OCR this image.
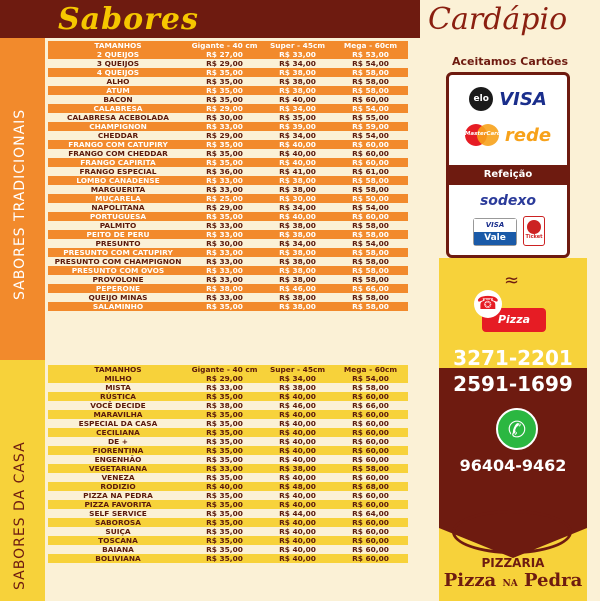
Sabores	Cardápio
SABORES TRADICIONAIS
SABORES DA CASA
TAMANHOS	Gigante - 40 cm	Super - 45cm	Mega - 60cm
2 QUEIJOS	R$ 27,00	R$ 33,00	R$ 53,00
3 QUEIJOS	R$ 29,00	R$ 34,00	R$ 54,00
4 QUEIJOS	R$ 35,00	R$ 38,00	R$ 58,00
ALHO	R$ 35,00	R$ 38,00	R$ 58,00
ATUM	R$ 35,00	R$ 38,00	R$ 58,00
BACON	R$ 35,00	R$ 40,00	R$ 60,00
CALABRESA	R$ 29,00	R$ 34,00	R$ 54,00
CALABRESA ACEBOLADA	R$ 30,00	R$ 35,00	R$ 55,00
CHAMPIGNON	R$ 33,00	R$ 39,00	R$ 59,00
CHEDDAR	R$ 29,00	R$ 34,00	R$ 54,00
FRANGO COM CATUPIRY	R$ 35,00	R$ 40,00	R$ 60,00
FRANGO COM CHEDDAR	R$ 35,00	R$ 40,00	R$ 60,00
FRANGO CAPIRITA	R$ 35,00	R$ 40,00	R$ 60,00
FRANGO ESPECIAL	R$ 36,00	R$ 41,00	R$ 61,00
LOMBO CANADENSE	R$ 33,00	R$ 38,00	R$ 58,00
MARGUERITA	R$ 33,00	R$ 38,00	R$ 58,00
MUÇARELA	R$ 25,00	R$ 30,00	R$ 50,00
NAPOLITANA	R$ 29,00	R$ 34,00	R$ 54,00
PORTUGUESA	R$ 35,00	R$ 40,00	R$ 60,00
PALMITO	R$ 33,00	R$ 38,00	R$ 58,00
PEITO DE PERU	R$ 33,00	R$ 38,00	R$ 58,00
PRESUNTO	R$ 30,00	R$ 34,00	R$ 54,00
PRESUNTO COM CATUPIRY	R$ 33,00	R$ 38,00	R$ 58,00
PRESUNTO COM CHAMPIGNON	R$ 33,00	R$ 38,00	R$ 58,00
PRESUNTO COM OVOS	R$ 33,00	R$ 38,00	R$ 58,00
PROVOLONE	R$ 33,00	R$ 38,00	R$ 58,00
PEPERONE	R$ 38,00	R$ 46,00	R$ 66,00
QUEIJO MINAS	R$ 33,00	R$ 38,00	R$ 58,00
SALAMINHO	R$ 35,00	R$ 38,00	R$ 58,00
TAMANHOS	Gigante - 40 cm	Super - 45cm	Mega - 60cm
MILHO	R$ 29,00	R$ 34,00	R$ 54,00
MISTA	R$ 33,00	R$ 38,00	R$ 58,00
RÚSTICA	R$ 35,00	R$ 40,00	R$ 60,00
VOCÊ DECIDE	R$ 38,00	R$ 46,00	R$ 66,00
MARAVILHA	R$ 35,00	R$ 40,00	R$ 60,00
ESPECIAL DA CASA	R$ 35,00	R$ 40,00	R$ 60,00
CECILIANA	R$ 35,00	R$ 40,00	R$ 60,00
DE +	R$ 35,00	R$ 40,00	R$ 60,00
FIORENTINA	R$ 35,00	R$ 40,00	R$ 60,00
ENGENHÃO	R$ 35,00	R$ 40,00	R$ 60,00
VEGETARIANA	R$ 33,00	R$ 38,00	R$ 58,00
VENEZA	R$ 35,00	R$ 40,00	R$ 60,00
RODIZIO	R$ 40,00	R$ 48,00	R$ 68,00
PIZZA NA PEDRA	R$ 35,00	R$ 40,00	R$ 60,00
PIZZA FAVORITA	R$ 35,00	R$ 40,00	R$ 60,00
SELF SERVICE	R$ 35,00	R$ 44,00	R$ 64,00
SABOROSA	R$ 35,00	R$ 40,00	R$ 60,00
SUIÇA	R$ 35,00	R$ 40,00	R$ 60,00
TOSCANA	R$ 35,00	R$ 40,00	R$ 60,00
BAIANA	R$ 35,00	R$ 40,00	R$ 60,00
BOLIVIANA	R$ 35,00	R$ 40,00	R$ 60,00
Aceitamos Cartões
elo VISA
MasterCard rede
Refeição
sodexo
VISA
Vale	Ticket
≈
Pizza
☎
3271-2201
2591-1699
✆
96404-9462
PIZZARIA
Pizza NA Pedra
